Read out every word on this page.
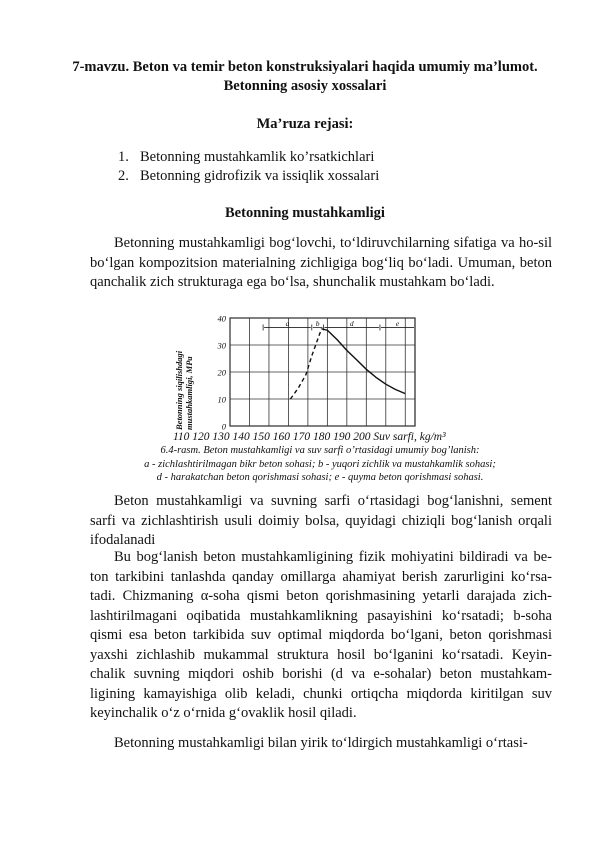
7-mavzu. Beton va temir beton konstruksiyalari haqida umumiy ma’lumot. Betonning asosiy xossalari
Ma’ruza rejasi:
1. Betonning mustahkamlik ko’rsatkichlari
2. Betonning gidrofizik va issiqlik xossalari
Betonning mustahkamligi
Betonning mustahkamligi bog‘lovchi, to‘ldiruvchilarning sifatiga va ho-sil bo‘lgan kompozitsion materialning zichligiga bog‘liq bo‘ladi. Umuman, beton qanchalik zich strukturaga ega bo‘lsa, shunchalik mustahkam bo‘ladi.
a	b	d	e
0
10
20
30
40
Betonning siqilishdagi mustahkamligi, MPa
110 120 130 140 150 160 170 180 190 200 Suv sarfi, kg/m³
6.4-rasm. Beton mustahkamligi va suv sarfi o’rtasidagi umumiy bog’lanish:
a - zichlashtirilmagan bikr beton sohasi; b - yuqori zichlik va mustahkamlik sohasi;
d - harakatchan beton qorishmasi sohasi; e - quyma beton qorishmasi sohasi.
Beton mustahkamligi va suvning sarfi o‘rtasidagi bog‘lanishni, sement sarfi va zichlashtirish usuli doimiy bolsa, quyidagi chiziqli bog‘lanish orqali ifodalanadi
Bu bog‘lanish beton mustahkamligining fizik mohiyatini bildiradi va be-ton tarkibini tanlashda qanday omillarga ahamiyat berish zarurligini ko‘rsa-tadi. Chizmaning α-soha qismi beton qorishmasining yetarli darajada zich-lashtirilmagani oqibatida mustahkamlikning pasayishini ko‘rsatadi; b-soha qismi esa beton tarkibida suv optimal miqdorda bo‘lgani, beton qorishmasi yaxshi zichlashib mukammal struktura hosil bo‘lganini ko‘rsatadi. Keyin-chalik suvning miqdori oshib borishi (d va e-sohalar) beton mustahkam-ligining kamayishiga olib keladi, chunki ortiqcha miqdorda kiritilgan suv keyinchalik o‘z o‘rnida g‘ovaklik hosil qiladi.
Betonning mustahkamligi bilan yirik to‘ldirgich mustahkamligi o‘rtasi-
